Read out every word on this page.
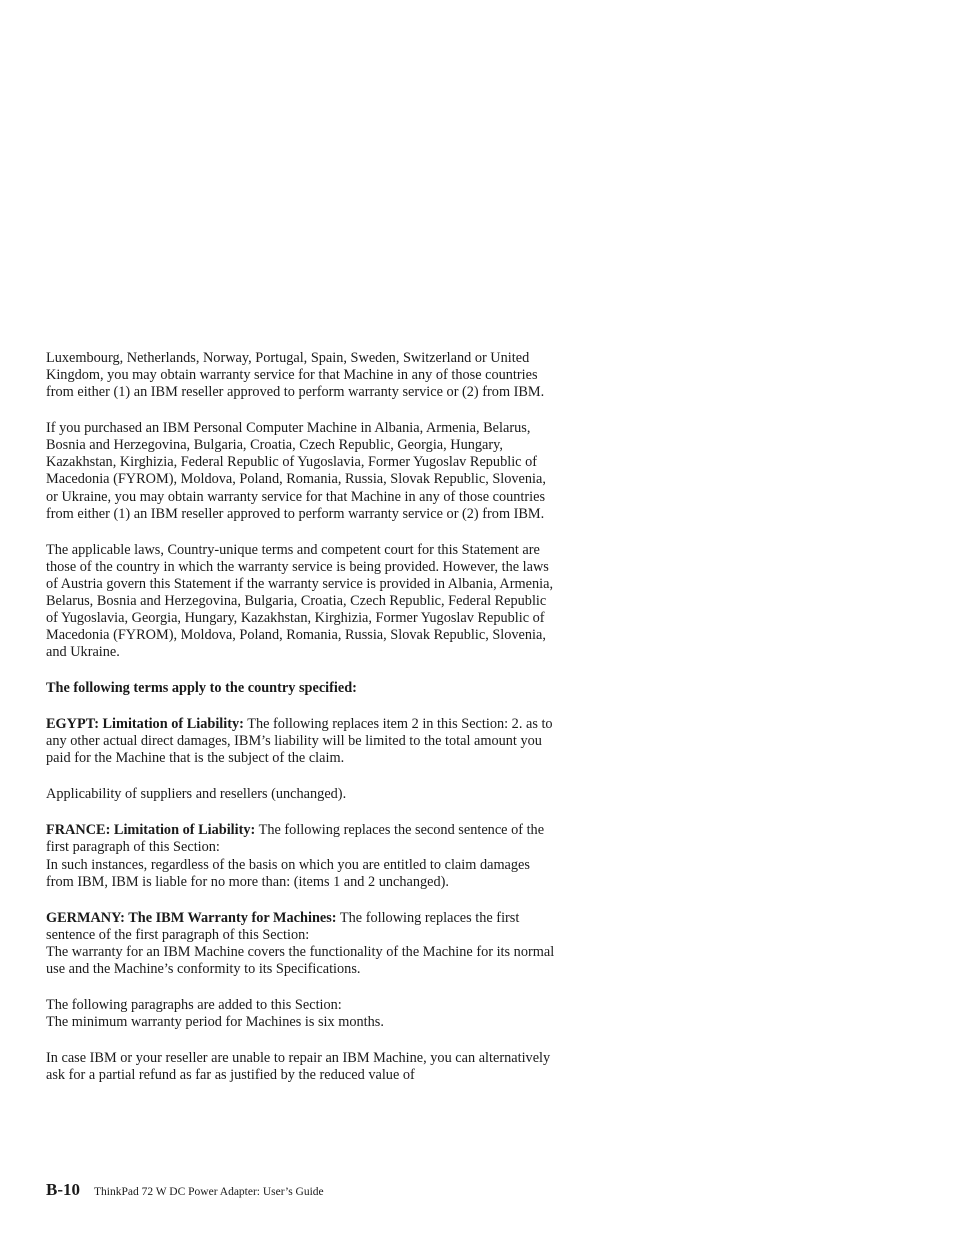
Luxembourg, Netherlands, Norway, Portugal, Spain, Sweden, Switzerland or United Kingdom, you may obtain warranty service for that Machine in any of those countries from either (1) an IBM reseller approved to perform warranty service or (2) from IBM.

If you purchased an IBM Personal Computer Machine in Albania, Armenia, Belarus, Bosnia and Herzegovina, Bulgaria, Croatia, Czech Republic, Georgia, Hungary, Kazakhstan, Kirghizia, Federal Republic of Yugoslavia, Former Yugoslav Republic of Macedonia (FYROM), Moldova, Poland, Romania, Russia, Slovak Republic, Slovenia, or Ukraine, you may obtain warranty service for that Machine in any of those countries from either (1) an IBM reseller approved to perform warranty service or (2) from IBM.

The applicable laws, Country-unique terms and competent court for this Statement are those of the country in which the warranty service is being provided. However, the laws of Austria govern this Statement if the warranty service is provided in Albania, Armenia, Belarus, Bosnia and Herzegovina, Bulgaria, Croatia, Czech Republic, Federal Republic of Yugoslavia, Georgia, Hungary, Kazakhstan, Kirghizia, Former Yugoslav Republic of Macedonia (FYROM), Moldova, Poland, Romania, Russia, Slovak Republic, Slovenia, and Ukraine.

The following terms apply to the country specified:

EGYPT: Limitation of Liability: The following replaces item 2 in this Section: 2. as to any other actual direct damages, IBM’s liability will be limited to the total amount you paid for the Machine that is the subject of the claim.

Applicability of suppliers and resellers (unchanged).

FRANCE: Limitation of Liability: The following replaces the second sentence of the first paragraph of this Section:

In such instances, regardless of the basis on which you are entitled to claim damages from IBM, IBM is liable for no more than: (items 1 and 2 unchanged).

GERMANY: The IBM Warranty for Machines: The following replaces the first sentence of the first paragraph of this Section:

The warranty for an IBM Machine covers the functionality of the Machine for its normal use and the Machine’s conformity to its Specifications.

The following paragraphs are added to this Section:

The minimum warranty period for Machines is six months.

In case IBM or your reseller are unable to repair an IBM Machine, you can alternatively ask for a partial refund as far as justified by the reduced value of

B-10 ThinkPad 72 W DC Power Adapter: User’s Guide
